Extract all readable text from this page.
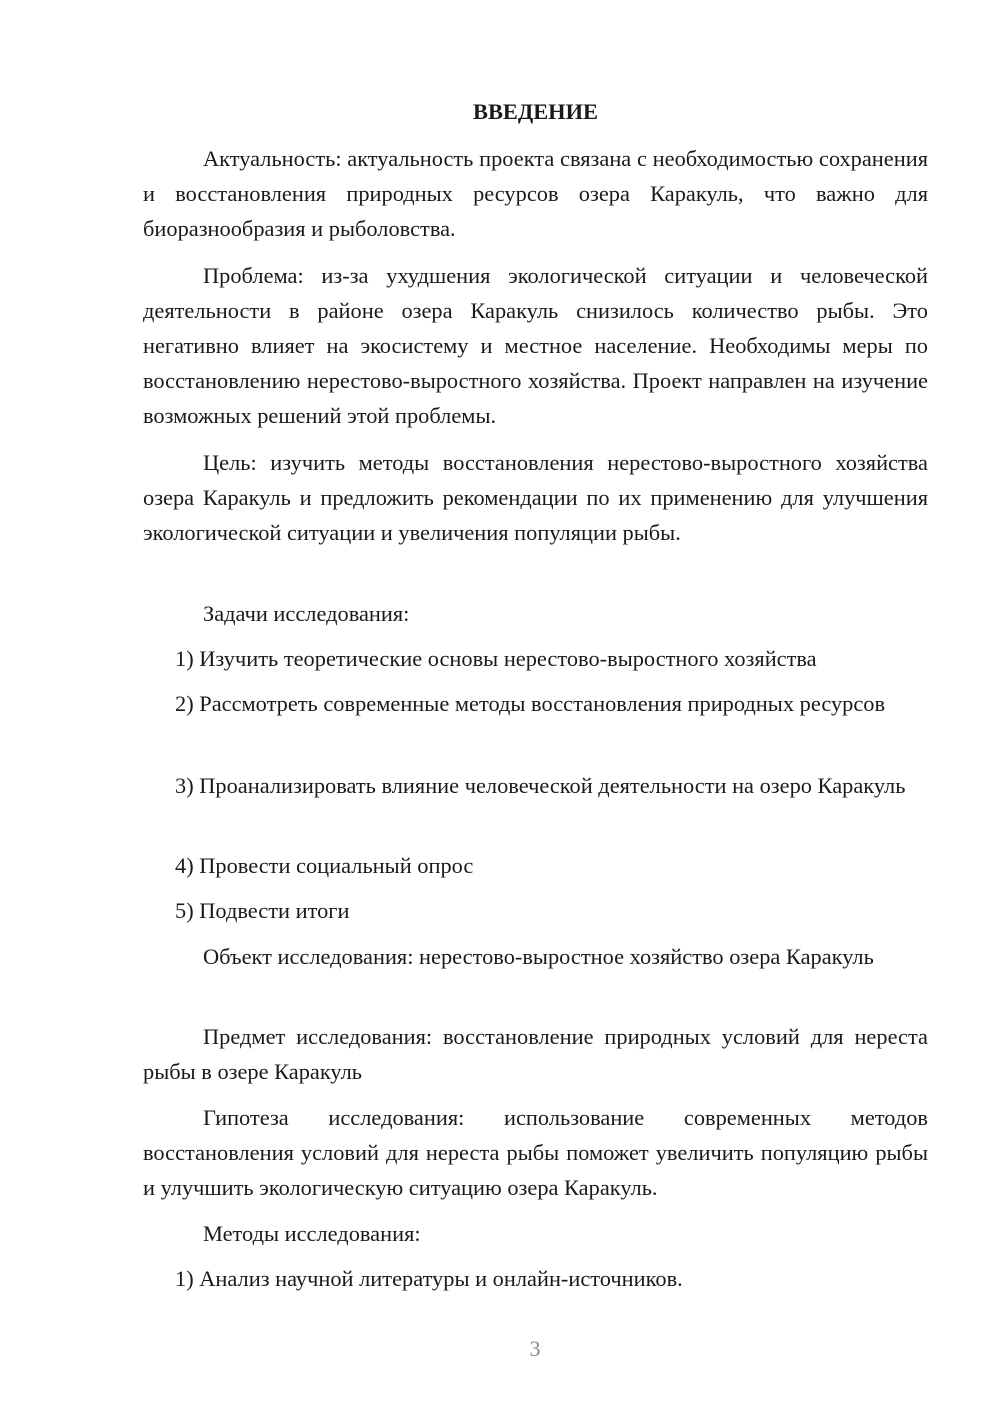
ВВЕДЕНИЕ

Актуальность: актуальность проекта связана с необходимостью сохранения и восстановления природных ресурсов озера Каракуль, что важно для биоразнообразия и рыболовства.

Проблема: из-за ухудшения экологической ситуации и человеческой деятельности в районе озера Каракуль снизилось количество рыбы. Это негативно влияет на экосистему и местное население. Необходимы меры по восстановлению нерестово-выростного хозяйства. Проект направлен на изучение возможных решений этой проблемы.

Цель: изучить методы восстановления нерестово-выростного хозяйства озера Каракуль и предложить рекомендации по их применению для улучшения экологической ситуации и увеличения популяции рыбы.

Задачи исследования:

1) Изучить теоретические основы нерестово-выростного хозяйства

2) Рассмотреть современные методы восстановления природных ресурсов

3) Проанализировать влияние человеческой деятельности на озеро Каракуль

4) Провести социальный опрос

5) Подвести итоги

Объект исследования: нерестово-выростное хозяйство озера Каракуль

Предмет исследования: восстановление природных условий для нереста рыбы в озере Каракуль

Гипотеза исследования: использование современных методов восстановления условий для нереста рыбы поможет увеличить популяцию рыбы и улучшить экологическую ситуацию озера Каракуль.

Методы исследования:

1) Анализ научной литературы и онлайн-источников.

3
